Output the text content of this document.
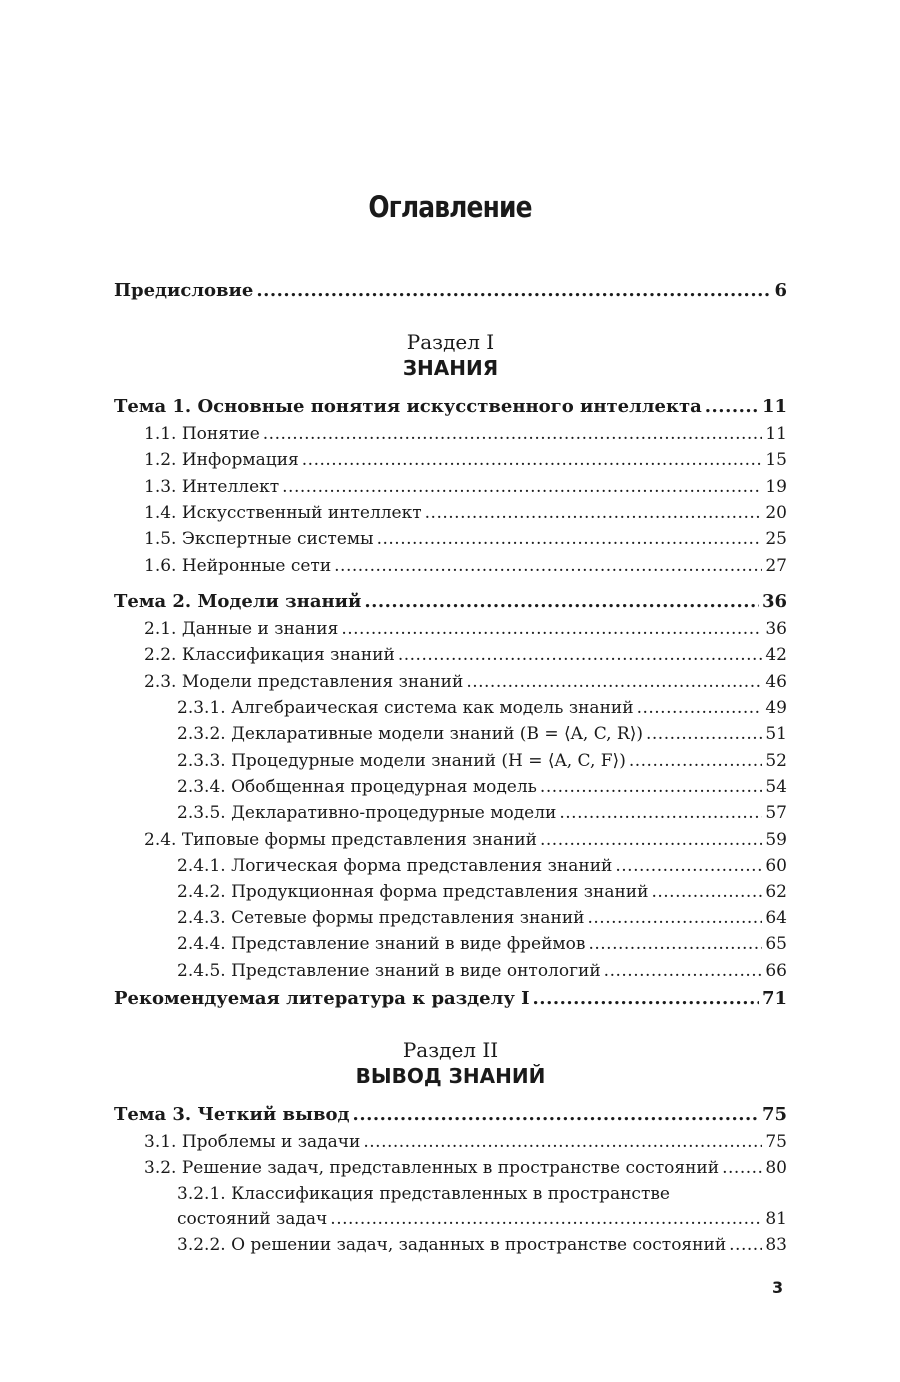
Оглавление
Предисловие .....	6
Раздел I
ЗНАНИЯ
Тема 1. Основные понятия искусственного интеллекта .....	11
1.1. Понятие .....	11
1.2. Информация .....	15
1.3. Интеллект .....	19
1.4. Искусственный интеллект .....	20
1.5. Экспертные системы .....	25
1.6. Нейронные сети .....	27
Тема 2. Модели знаний .....	36
2.1. Данные и знания .....	36
2.2. Классификация знаний .....	42
2.3. Модели представления знаний .....	46
2.3.1. Алгебраическая система как модель знаний .....	49
2.3.2. Декларативные модели знаний (B = ⟨A, C, R⟩) .....	51
2.3.3. Процедурные модели знаний (H = ⟨A, C, F⟩) .....	52
2.3.4. Обобщенная процедурная модель .....	54
2.3.5. Декларативно-процедурные модели .....	57
2.4. Типовые формы представления знаний .....	59
2.4.1. Логическая форма представления знаний .....	60
2.4.2. Продукционная форма представления знаний .....	62
2.4.3. Сетевые формы представления знаний .....	64
2.4.4. Представление знаний в виде фреймов .....	65
2.4.5. Представление знаний в виде онтологий .....	66
Рекомендуемая литература к разделу I .....	71
Раздел II
ВЫВОД ЗНАНИЙ
Тема 3. Четкий вывод .....	75
3.1. Проблемы и задачи .....	75
3.2. Решение задач, представленных в пространстве состояний .....	80
3.2.1. Классификация представленных в пространстве
состояний задач .....	81
3.2.2. О решении задач, заданных в пространстве состояний ..... 83
3
